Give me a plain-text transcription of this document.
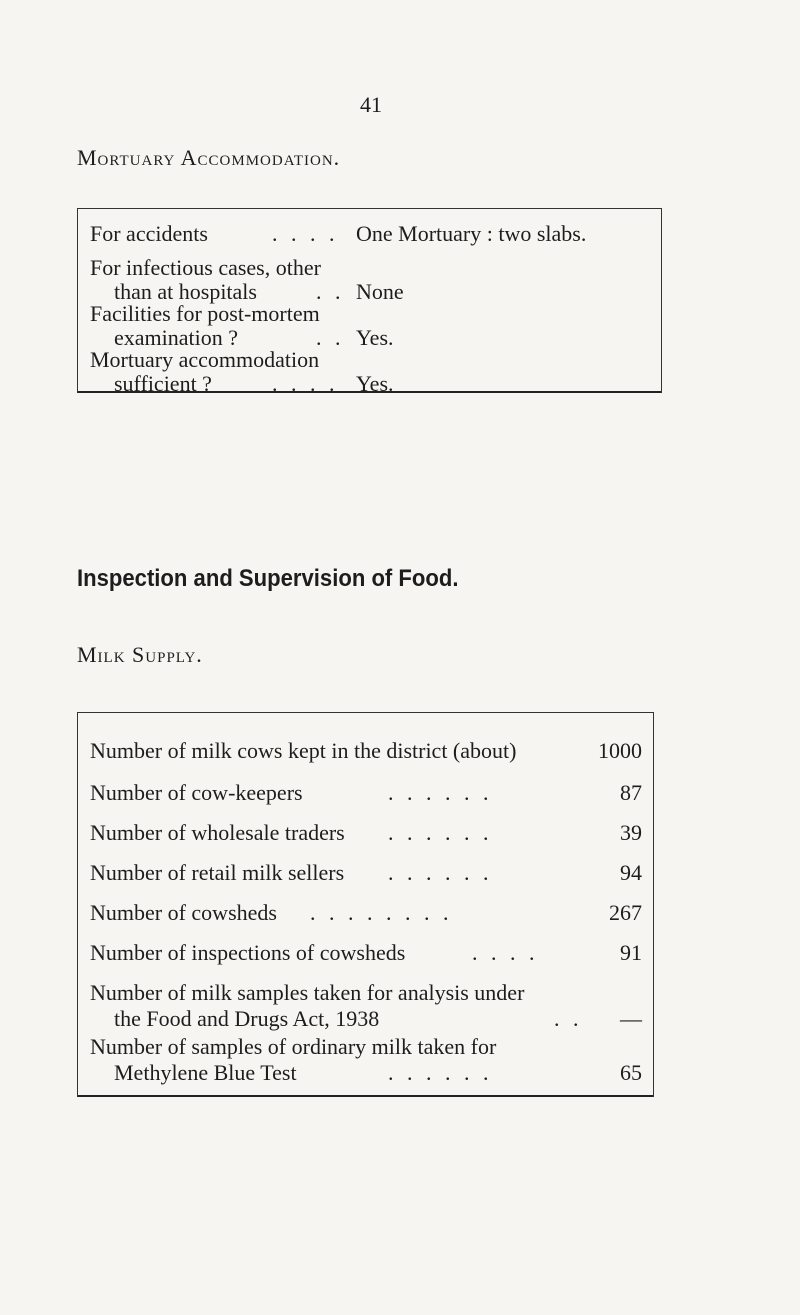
41
Mortuary Accommodation.
For accidents	. . . . One Mortuary : two slabs.
For infectious cases, other
than at hospitals	. . None
Facilities for post-mortem
examination ?	. . Yes.
Mortuary accommodation
sufficient ?	. . . . Yes.
Inspection and Supervision of Food.
Milk Supply.
Number of milk cows kept in the district (about)	1000
Number of cow-keepers	. . . . . .	87
Number of wholesale traders . . . . . .	39
Number of retail milk sellers . . . . . .	94
Number of cowsheds . . . . . . . .	267
Number of inspections of cowsheds	. . . .	91
Number of milk samples taken for analysis under
the Food and Drugs Act, 1938	. .	—
Number of samples of ordinary milk taken for
Methylene Blue Test	. . . . . .	65
